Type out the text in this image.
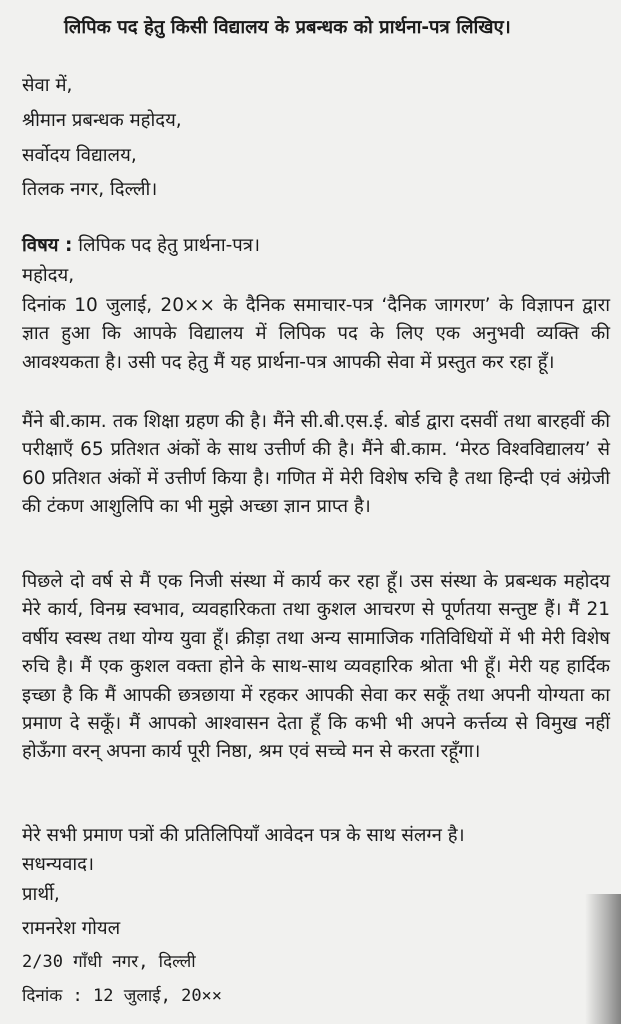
लिपिक पद हेतु किसी विद्यालय के प्रबन्धक को प्रार्थना-पत्र लिखिए।
सेवा में,
श्रीमान प्रबन्धक महोदय,
सर्वोदय विद्यालय,
तिलक नगर, दिल्ली।
विषय : लिपिक पद हेतु प्रार्थना-पत्र।
महोदय,
दिनांक 10 जुलाई, 20×× के दैनिक समाचार-पत्र ‘दैनिक जागरण’ के विज्ञापन द्वारा ज्ञात हुआ कि आपके विद्यालय में लिपिक पद के लिए एक अनुभवी व्यक्ति की आवश्यकता है। उसी पद हेतु मैं यह प्रार्थना-पत्र आपकी सेवा में प्रस्तुत कर रहा हूँ।
मैंने बी.काम. तक शिक्षा ग्रहण की है। मैंने सी.बी.एस.ई. बोर्ड द्वारा दसवीं तथा बारहवीं की परीक्षाएँ 65 प्रतिशत अंकों के साथ उत्तीर्ण की है। मैंने बी.काम. ‘मेरठ विश्वविद्यालय’ से 60 प्रतिशत अंकों में उत्तीर्ण किया है। गणित में मेरी विशेष रुचि है तथा हिन्दी एवं अंग्रेजी की टंकण आशुलिपि का भी मुझे अच्छा ज्ञान प्राप्त है।
पिछले दो वर्ष से मैं एक निजी संस्था में कार्य कर रहा हूँ। उस संस्था के प्रबन्धक महोदय मेरे कार्य, विनम्र स्वभाव, व्यवहारिकता तथा कुशल आचरण से पूर्णतया सन्तुष्ट हैं। मैं 21 वर्षीय स्वस्थ तथा योग्य युवा हूँ। क्रीड़ा तथा अन्य सामाजिक गतिविधियों में भी मेरी विशेष रुचि है। मैं एक कुशल वक्ता होने के साथ-साथ व्यवहारिक श्रोता भी हूँ। मेरी यह हार्दिक इच्छा है कि मैं आपकी छत्रछाया में रहकर आपकी सेवा कर सकूँ तथा अपनी योग्यता का प्रमाण दे सकूँ। मैं आपको आश्वासन देता हूँ कि कभी भी अपने कर्त्तव्य से विमुख नहीं होऊँगा वरन् अपना कार्य पूरी निष्ठा, श्रम एवं सच्चे मन से करता रहूँगा।
मेरे सभी प्रमाण पत्रों की प्रतिलिपियाँ आवेदन पत्र के साथ संलग्न है।
सधन्यवाद।
प्रार्थी,
रामनरेश गोयल
2/30 गाँधी नगर, दिल्ली
दिनांक : 12 जुलाई, 20××
